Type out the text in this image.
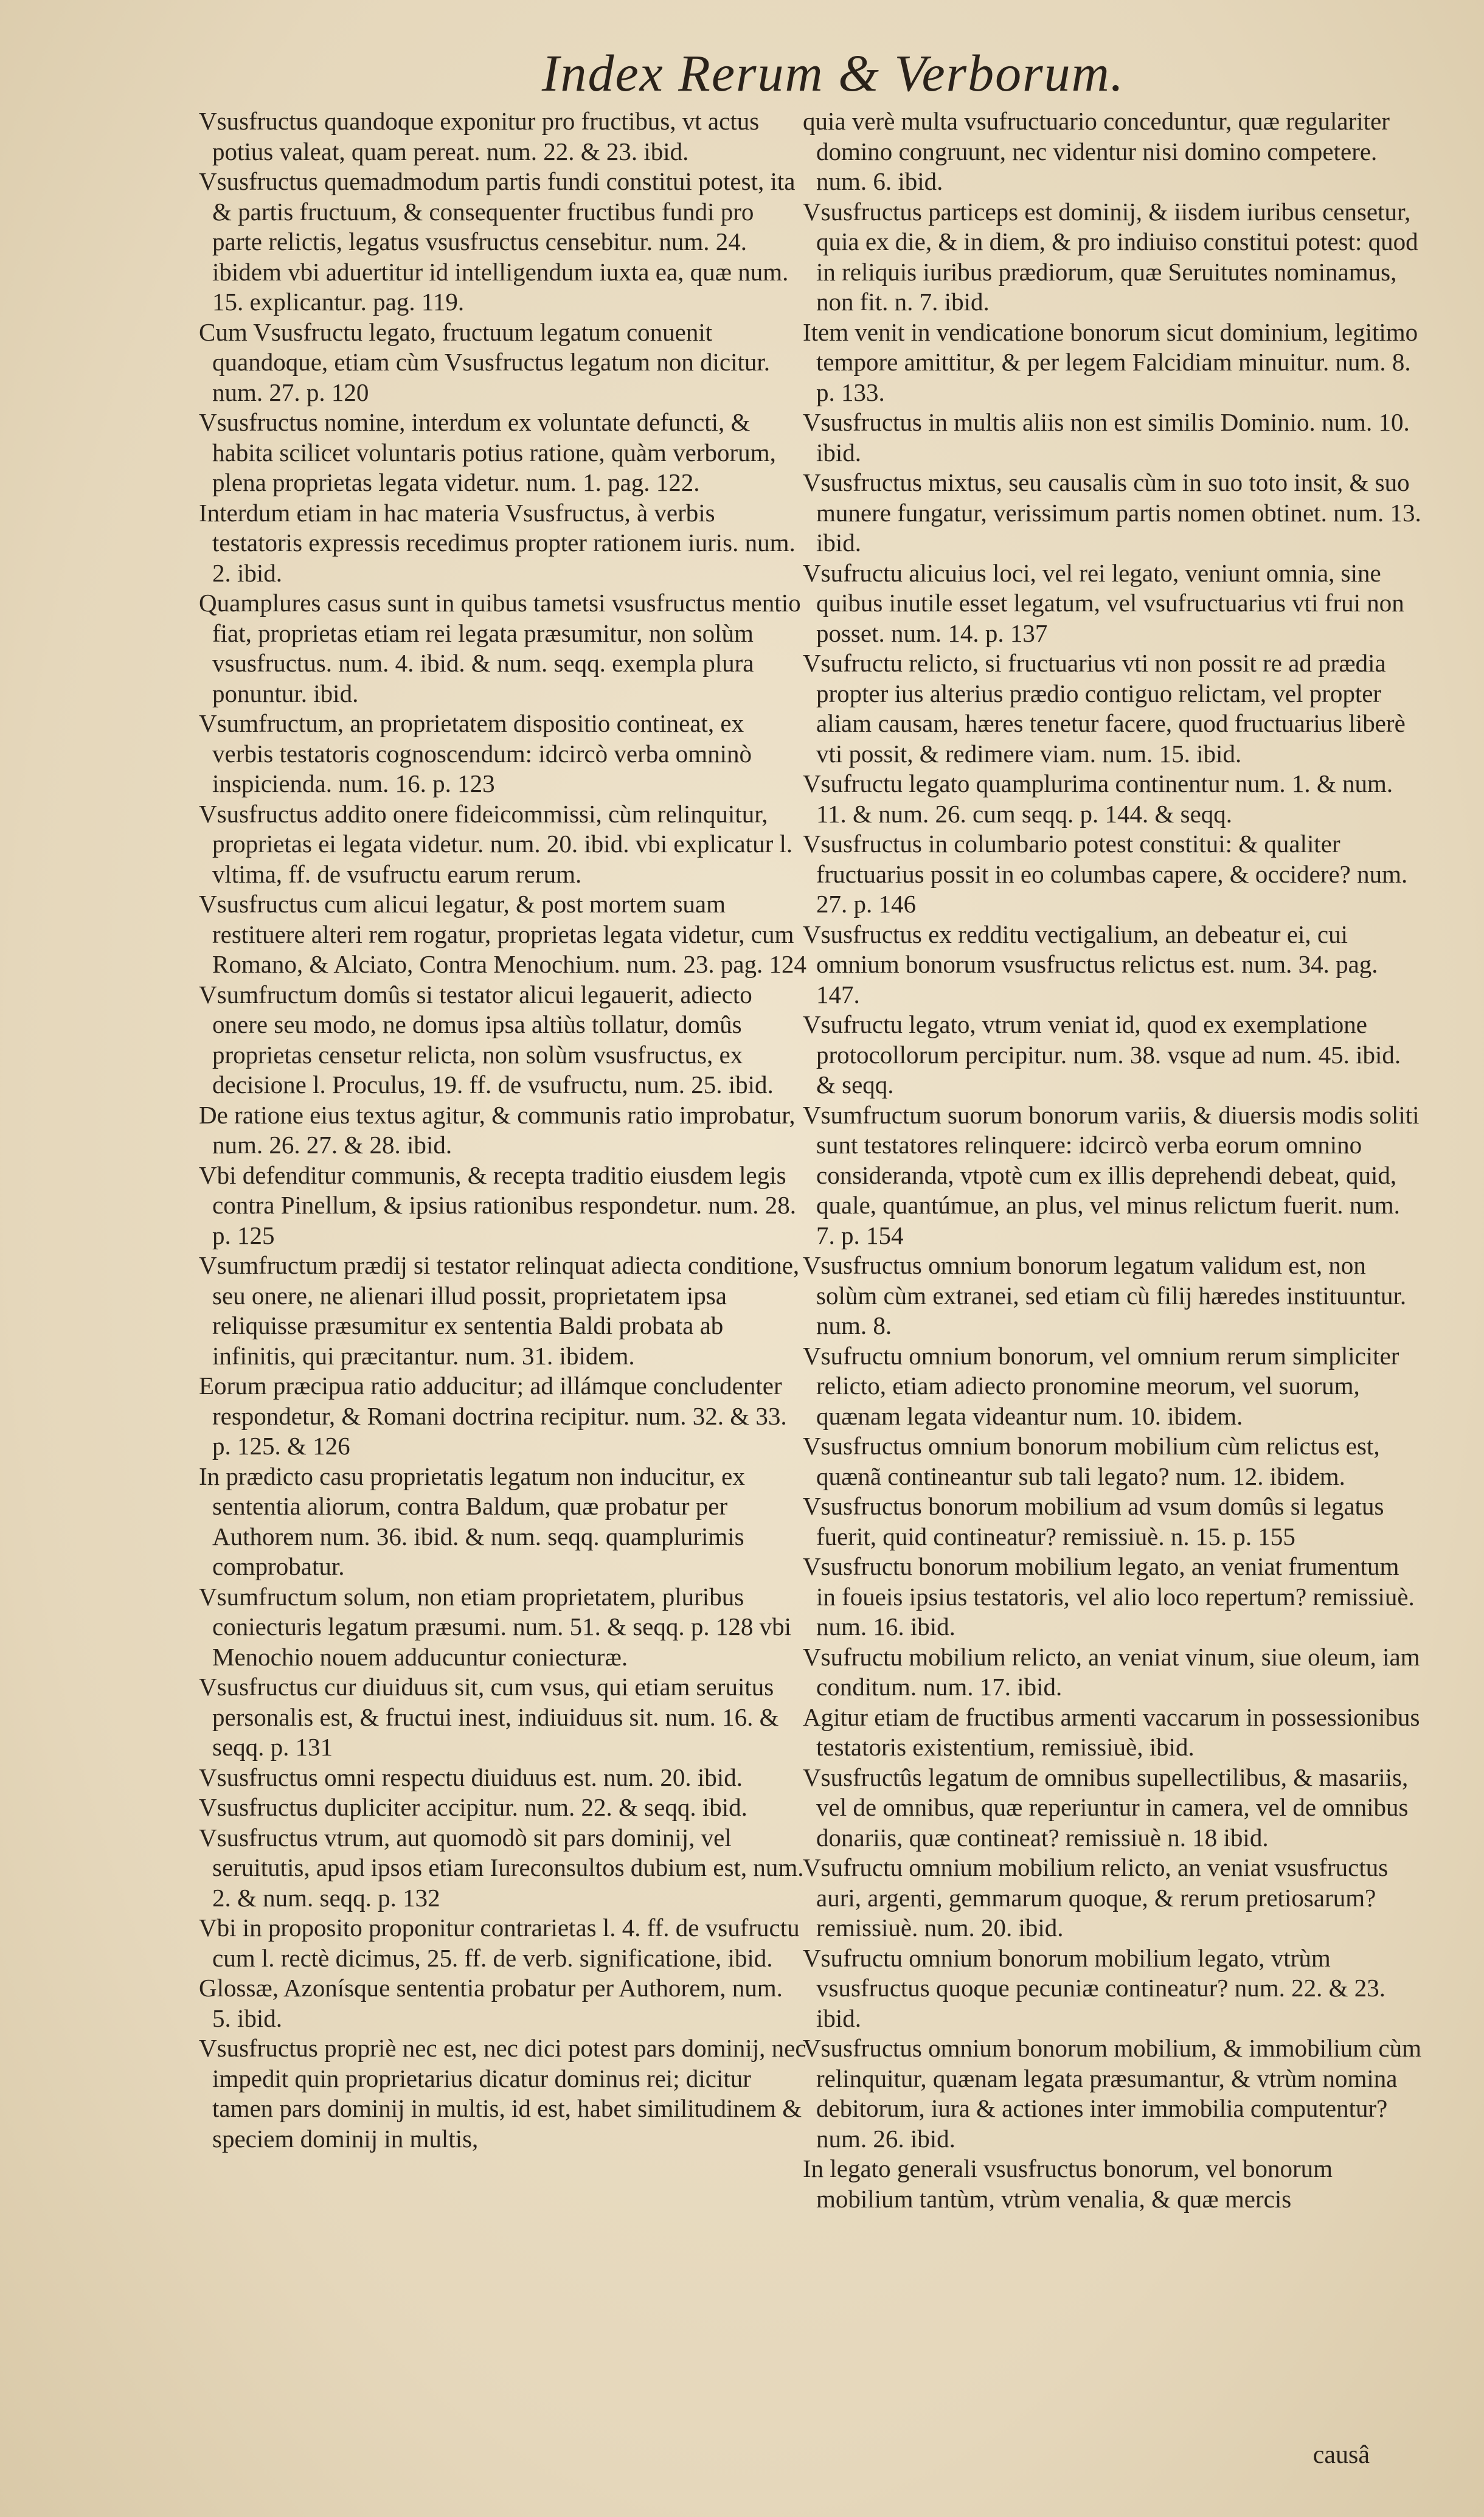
Index Rerum & Verborum.

Vsusfructus quandoque exponitur pro fructibus, vt actus potius valeat, quam pereat. num. 22. & 23. ibid.

Vsusfructus quemadmodum partis fundi constitui potest, ita & partis fructuum, & consequenter fructibus fundi pro parte relictis, legatus vsusfructus censebitur. num. 24. ibidem vbi aduertitur id intelligendum iuxta ea, quæ num. 15. explicantur. pag. 119.

Cum Vsusfructu legato, fructuum legatum conuenit quandoque, etiam cùm Vsusfructus legatum non dicitur. num. 27. p. 120

Vsusfructus nomine, interdum ex voluntate defuncti, & habita scilicet voluntaris potius ratione, quàm verborum, plena proprietas legata videtur. num. 1. pag. 122.

Interdum etiam in hac materia Vsusfructus, à verbis testatoris expressis recedimus propter rationem iuris. num. 2. ibid.

Quamplures casus sunt in quibus tametsi vsusfructus mentio fiat, proprietas etiam rei legata præsumitur, non solùm vsusfructus. num. 4. ibid. & num. seqq. exempla plura ponuntur. ibid.

Vsumfructum, an proprietatem dispositio contineat, ex verbis testatoris cognoscendum: idcircò verba omninò inspicienda. num. 16. p. 123

Vsusfructus addito onere fideicommissi, cùm relinquitur, proprietas ei legata videtur. num. 20. ibid. vbi explicatur l. vltima, ff. de vsufructu earum rerum.

Vsusfructus cum alicui legatur, & post mortem suam restituere alteri rem rogatur, proprietas legata videtur, cum Romano, & Alciato, Contra Menochium. num. 23. pag. 124

Vsumfructum domûs si testator alicui legauerit, adiecto onere seu modo, ne domus ipsa altiùs tollatur, domûs proprietas censetur relicta, non solùm vsusfructus, ex decisione l. Proculus, 19. ff. de vsufructu, num. 25. ibid.

De ratione eius textus agitur, & communis ratio improbatur, num. 26. 27. & 28. ibid.

Vbi defenditur communis, & recepta traditio eiusdem legis contra Pinellum, & ipsius rationibus respondetur. num. 28. p. 125

Vsumfructum prædij si testator relinquat adiecta conditione, seu onere, ne alienari illud possit, proprietatem ipsa reliquisse præsumitur ex sententia Baldi probata ab infinitis, qui præcitantur. num. 31. ibidem.

Eorum præcipua ratio adducitur; ad illámque concludenter respondetur, & Romani doctrina recipitur. num. 32. & 33. p. 125. & 126

In prædicto casu proprietatis legatum non inducitur, ex sententia aliorum, contra Baldum, quæ probatur per Authorem num. 36. ibid. & num. seqq. quamplurimis comprobatur.

Vsumfructum solum, non etiam proprietatem, pluribus coniecturis legatum præsumi. num. 51. & seqq. p. 128 vbi Menochio nouem adducuntur coniecturæ.

Vsusfructus cur diuiduus sit, cum vsus, qui etiam seruitus personalis est, & fructui inest, indiuiduus sit. num. 16. & seqq. p. 131

Vsusfructus omni respectu diuiduus est. num. 20. ibid.

Vsusfructus dupliciter accipitur. num. 22. & seqq. ibid.

Vsusfructus vtrum, aut quomodò sit pars dominij, vel seruitutis, apud ipsos etiam Iureconsultos dubium est, num. 2. & num. seqq. p. 132

Vbi in proposito proponitur contrarietas l. 4. ff. de vsufructu cum l. rectè dicimus, 25. ff. de verb. significatione, ibid.

Glossæ, Azonísque sententia probatur per Authorem, num. 5. ibid.

Vsusfructus propriè nec est, nec dici potest pars dominij, nec impedit quin proprietarius dicatur dominus rei; dicitur tamen pars dominij in multis, id est, habet similitudinem & speciem dominij in multis,

quia verè multa vsufructuario conceduntur, quæ regulariter domino congruunt, nec videntur nisi domino competere. num. 6. ibid.

Vsusfructus particeps est dominij, & iisdem iuribus censetur, quia ex die, & in diem, & pro indiuiso constitui potest: quod in reliquis iuribus prædiorum, quæ Seruitutes nominamus, non fit. n. 7. ibid.

Item venit in vendicatione bonorum sicut dominium, legitimo tempore amittitur, & per legem Falcidiam minuitur. num. 8. p. 133.

Vsusfructus in multis aliis non est similis Dominio. num. 10. ibid.

Vsusfructus mixtus, seu causalis cùm in suo toto insit, & suo munere fungatur, verissimum partis nomen obtinet. num. 13. ibid.

Vsufructu alicuius loci, vel rei legato, veniunt omnia, sine quibus inutile esset legatum, vel vsufructuarius vti frui non posset. num. 14. p. 137

Vsufructu relicto, si fructuarius vti non possit re ad prædia propter ius alterius prædio contiguo relictam, vel propter aliam causam, hæres tenetur facere, quod fructuarius liberè vti possit, & redimere viam. num. 15. ibid.

Vsufructu legato quamplurima continentur num. 1. & num. 11. & num. 26. cum seqq. p. 144. & seqq.

Vsusfructus in columbario potest constitui: & qualiter fructuarius possit in eo columbas capere, & occidere? num. 27. p. 146

Vsusfructus ex redditu vectigalium, an debeatur ei, cui omnium bonorum vsusfructus relictus est. num. 34. pag. 147.

Vsufructu legato, vtrum veniat id, quod ex exemplatione protocollorum percipitur. num. 38. vsque ad num. 45. ibid. & seqq.

Vsumfructum suorum bonorum variis, & diuersis modis soliti sunt testatores relinquere: idcircò verba eorum omnino consideranda, vtpotè cum ex illis deprehendi debeat, quid, quale, quantúmue, an plus, vel minus relictum fuerit. num. 7. p. 154

Vsusfructus omnium bonorum legatum validum est, non solùm cùm extranei, sed etiam cù filij hæredes instituuntur. num. 8.

Vsufructu omnium bonorum, vel omnium rerum simpliciter relicto, etiam adiecto pronomine meorum, vel suorum, quænam legata videantur num. 10. ibidem.

Vsusfructus omnium bonorum mobilium cùm relictus est, quænã contineantur sub tali legato? num. 12. ibidem.

Vsusfructus bonorum mobilium ad vsum domûs si legatus fuerit, quid contineatur? remissiuè. n. 15. p. 155

Vsusfructu bonorum mobilium legato, an veniat frumentum in foueis ipsius testatoris, vel alio loco repertum? remissiuè. num. 16. ibid.

Vsufructu mobilium relicto, an veniat vinum, siue oleum, iam conditum. num. 17. ibid.

Agitur etiam de fructibus armenti vaccarum in possessionibus testatoris existentium, remissiuè, ibid.

Vsusfructûs legatum de omnibus supellectilibus, & masariis, vel de omnibus, quæ reperiuntur in camera, vel de omnibus donariis, quæ contineat? remissiuè n. 18 ibid.

Vsufructu omnium mobilium relicto, an veniat vsusfructus auri, argenti, gemmarum quoque, & rerum pretiosarum? remissiuè. num. 20. ibid.

Vsufructu omnium bonorum mobilium legato, vtrùm vsusfructus quoque pecuniæ contineatur? num. 22. & 23. ibid.

Vsusfructus omnium bonorum mobilium, & immobilium cùm relinquitur, quænam legata præsumantur, & vtrùm nomina debitorum, iura & actiones inter immobilia computentur? num. 26. ibid.

In legato generali vsusfructus bonorum, vel bonorum mobilium tantùm, vtrùm venalia, & quæ mercis

causâ
